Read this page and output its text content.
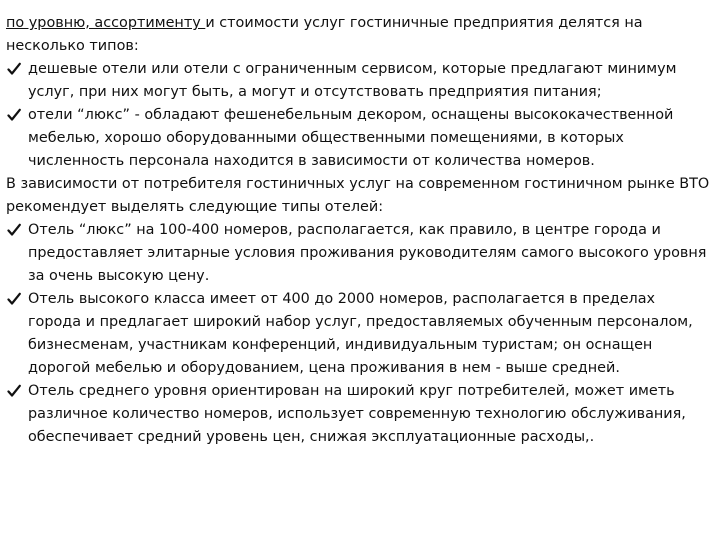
по уровню, ассортименту и стоимости услуг гостиничные предприятия делятся на несколько типов:

дешевые отели или отели с ограниченным сервисом, которые предлагают минимум услуг, при них могут быть, а могут и отсутствовать предприятия питания;
отели “люкс” - обладают фешенебельным декором, оснащены высококачественной мебелью, хорошо оборудованными общественными помещениями, в которых численность персонала находится в зависимости от количества номеров.

В зависимости от потребителя гостиничных услуг на современном гостиничном рынке ВТО рекомендует выделять следующие типы отелей:

Отель “люкс” на 100-400 номеров, располагается, как правило, в центре города и предоставляет элитарные условия проживания руководителям самого высокого уровня за очень высокую цену.
Отель высокого класса имеет от 400 до 2000 номеров, располагается в пределах города и предлагает широкий набор услуг, предоставляемых обученным персоналом, бизнесменам, участникам конференций, индивидуальным туристам; он оснащен дорогой мебелью и оборудованием, цена проживания в нем - выше средней.
Отель среднего уровня ориентирован на широкий круг потребителей, может иметь различное количество номеров, использует современную технологию обслуживания, обеспечивает средний уровень цен, снижая эксплуатационные расходы,.
